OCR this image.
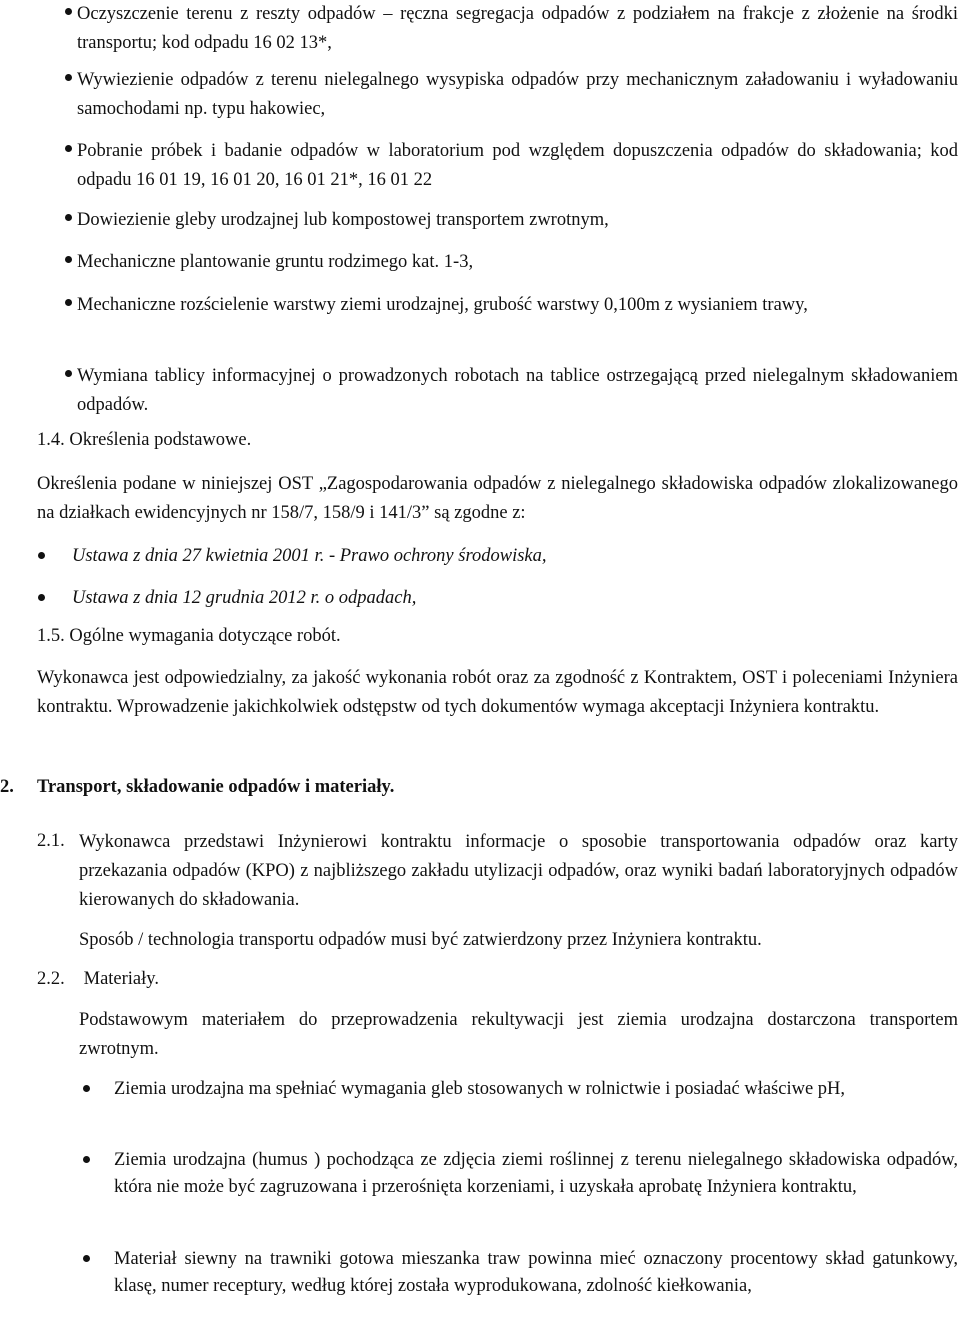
Oczyszczenie terenu z reszty odpadów – ręczna segregacja odpadów z podziałem na frakcje z złożenie na środki transportu; kod odpadu 16 02 13*,
Wywiezienie odpadów z terenu nielegalnego wysypiska odpadów przy mechanicznym załadowaniu i wyładowaniu samochodami np. typu hakowiec,
Pobranie próbek i badanie odpadów w laboratorium pod względem dopuszczenia odpadów do składowania; kod odpadu 16 01 19, 16 01 20, 16 01 21*, 16 01 22
Dowiezienie gleby urodzajnej lub kompostowej transportem zwrotnym,
Mechaniczne plantowanie gruntu rodzimego kat. 1-3,
Mechaniczne rozścielenie warstwy ziemi urodzajnej, grubość warstwy 0,100m z wysianiem trawy,
Wymiana tablicy informacyjnej o prowadzonych robotach na tablice ostrzegającą przed nielegalnym składowaniem odpadów.
1.4. Określenia podstawowe.
Określenia podane w niniejszej OST „Zagospodarowania odpadów z nielegalnego składowiska odpadów zlokalizowanego na działkach ewidencyjnych nr 158/7, 158/9 i 141/3” są zgodne z:
Ustawa z dnia 27 kwietnia 2001 r. - Prawo ochrony środowiska,
Ustawa z dnia 12 grudnia 2012 r. o odpadach,
1.5. Ogólne wymagania dotyczące robót.
Wykonawca jest odpowiedzialny, za jakość wykonania robót oraz za zgodność z Kontraktem, OST i poleceniami Inżyniera kontraktu. Wprowadzenie jakichkolwiek odstępstw od tych dokumentów wymaga akceptacji Inżyniera kontraktu.
2. Transport, składowanie odpadów i materiały.
2.1. Wykonawca przedstawi Inżynierowi kontraktu informacje o sposobie transportowania odpadów oraz karty przekazania odpadów (KPO) z najbliższego zakładu utylizacji odpadów, oraz wyniki badań laboratoryjnych odpadów kierowanych do składowania.
Sposób / technologia transportu odpadów musi być zatwierdzony przez Inżyniera kontraktu.
2.2. Materiały.
Podstawowym materiałem do przeprowadzenia rekultywacji jest ziemia urodzajna dostarczona transportem zwrotnym.
Ziemia urodzajna ma spełniać wymagania gleb stosowanych w rolnictwie i posiadać właściwe pH,
Ziemia urodzajna (humus ) pochodząca ze zdjęcia ziemi roślinnej z terenu nielegalnego składowiska odpadów, która nie może być zagruzowana i przerośnięta korzeniami, i uzyskała aprobatę Inżyniera kontraktu,
Materiał siewny na trawniki gotowa mieszanka traw powinna mieć oznaczony procentowy skład gatunkowy, klasę, numer receptury, według której została wyprodukowana, zdolność kiełkowania,
